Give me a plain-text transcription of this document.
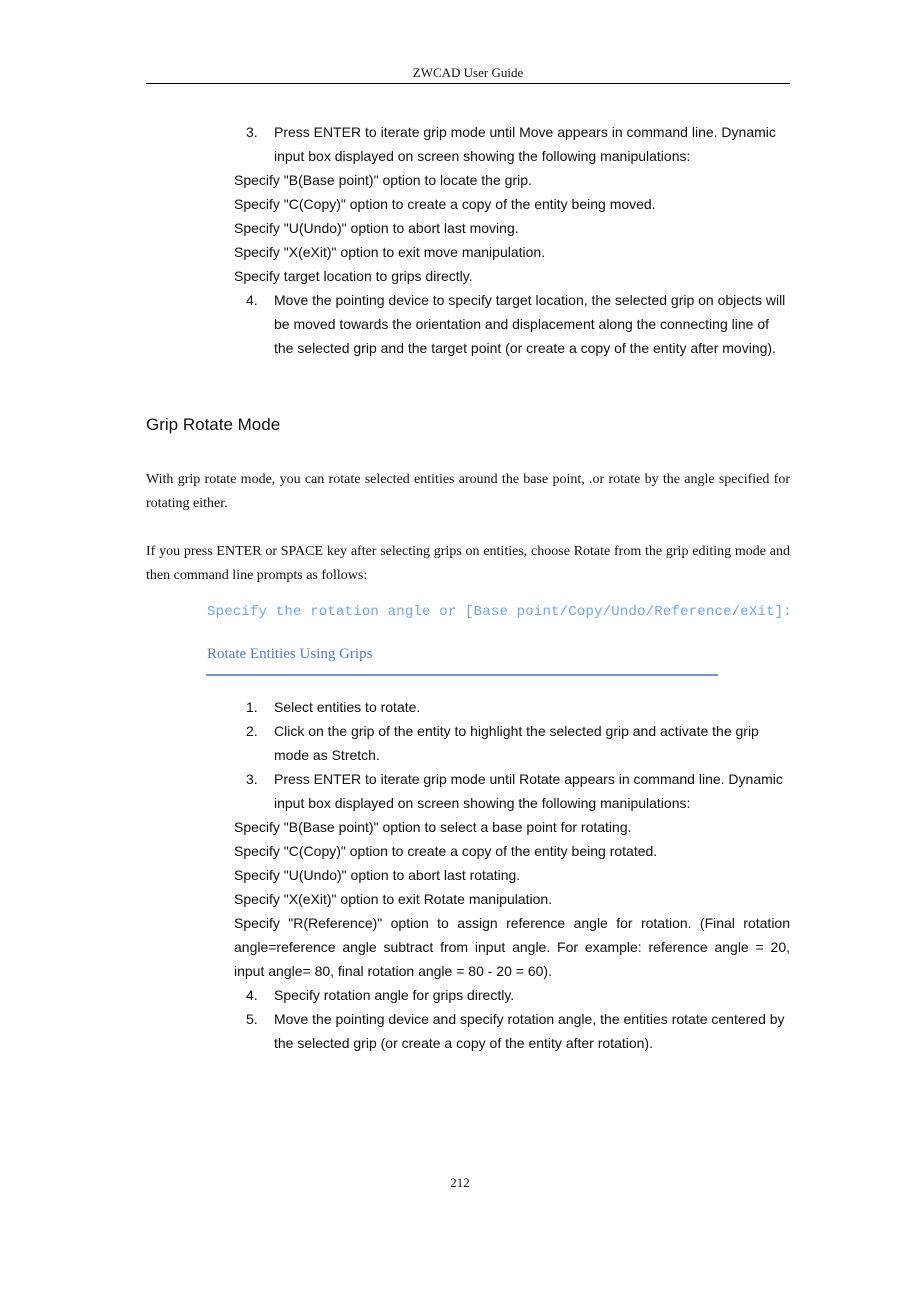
ZWCAD User Guide
3. Press ENTER to iterate grip mode until Move appears in command line. Dynamic input box displayed on screen showing the following manipulations:
Specify "B(Base point)" option to locate the grip.
Specify "C(Copy)" option to create a copy of the entity being moved.
Specify "U(Undo)" option to abort last moving.
Specify "X(eXit)" option to exit move manipulation.
Specify target location to grips directly.
4. Move the pointing device to specify target location, the selected grip on objects will be moved towards the orientation and displacement along the connecting line of the selected grip and the target point (or create a copy of the entity after moving).
Grip Rotate Mode
With grip rotate mode, you can rotate selected entities around the base point, .or rotate by the angle specified for rotating either.
If you press ENTER or SPACE key after selecting grips on entities, choose Rotate from the grip editing mode and then command line prompts as follows:
Specify the rotation angle or [Base point/Copy/Undo/Reference/eXit]:
Rotate Entities Using Grips
1. Select entities to rotate.
2. Click on the grip of the entity to highlight the selected grip and activate the grip mode as Stretch.
3. Press ENTER to iterate grip mode until Rotate appears in command line. Dynamic input box displayed on screen showing the following manipulations:
Specify "B(Base point)" option to select a base point for rotating.
Specify "C(Copy)" option to create a copy of the entity being rotated.
Specify "U(Undo)" option to abort last rotating.
Specify "X(eXit)" option to exit Rotate manipulation.
Specify "R(Reference)" option to assign reference angle for rotation. (Final rotation angle=reference angle subtract from input angle. For example: reference angle = 20, input angle= 80, final rotation angle = 80 - 20 = 60).
4. Specify rotation angle for grips directly.
5. Move the pointing device and specify rotation angle, the entities rotate centered by the selected grip (or create a copy of the entity after rotation).
212
